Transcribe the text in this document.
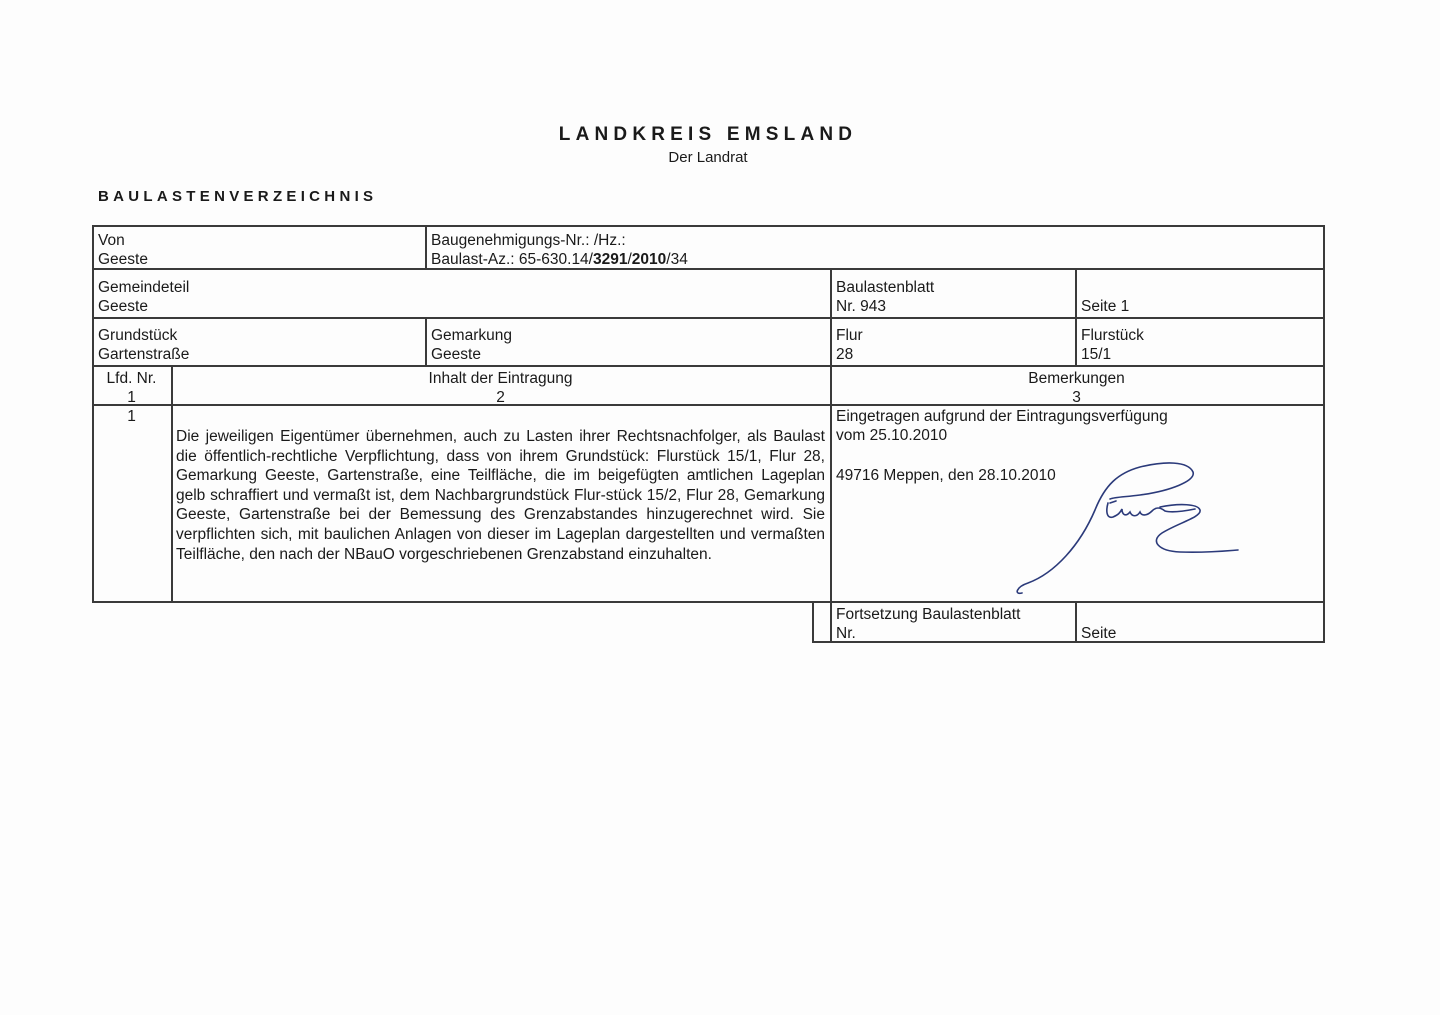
LANDKREIS EMSLAND
Der Landrat
BAULASTENVERZEICHNIS
Von
Geeste
Baugenehmigungs-Nr.: /Hz.:
Baulast-Az.: 65-630.14/3291/2010/34
Gemeindeteil
Geeste
Baulastenblatt
Nr. 943	Seite 1
Grundstück
Gartenstraße
Gemarkung
Geeste
Flur
28
Flurstück
15/1
Lfd. Nr.
1
Inhalt der Eintragung
2
Bemerkungen
3
1
Die jeweiligen Eigentümer übernehmen, auch zu Lasten ihrer Rechtsnachfolger, als Baulast die öffentlich-rechtliche Verpflichtung, dass von ihrem Grundstück: Flurstück 15/1, Flur 28, Gemarkung Geeste, Gartenstraße, eine Teilfläche, die im beigefügten amtlichen Lageplan gelb schraffiert und vermaßt ist, dem Nachbargrundstück Flur-stück 15/2, Flur 28, Gemarkung Geeste, Gartenstraße bei der Bemessung des Grenzabstandes hinzugerechnet wird. Sie verpflichten sich, mit baulichen Anlagen von dieser im Lageplan dargestellten und vermaßten Teilfläche, den nach der NBauO vorgeschriebenen Grenzabstand einzuhalten.
Eingetragen aufgrund der Eintragungsverfügung
vom 25.10.2010
49716 Meppen, den 28.10.2010
Fortsetzung Baulastenblatt
Nr.	Seite
